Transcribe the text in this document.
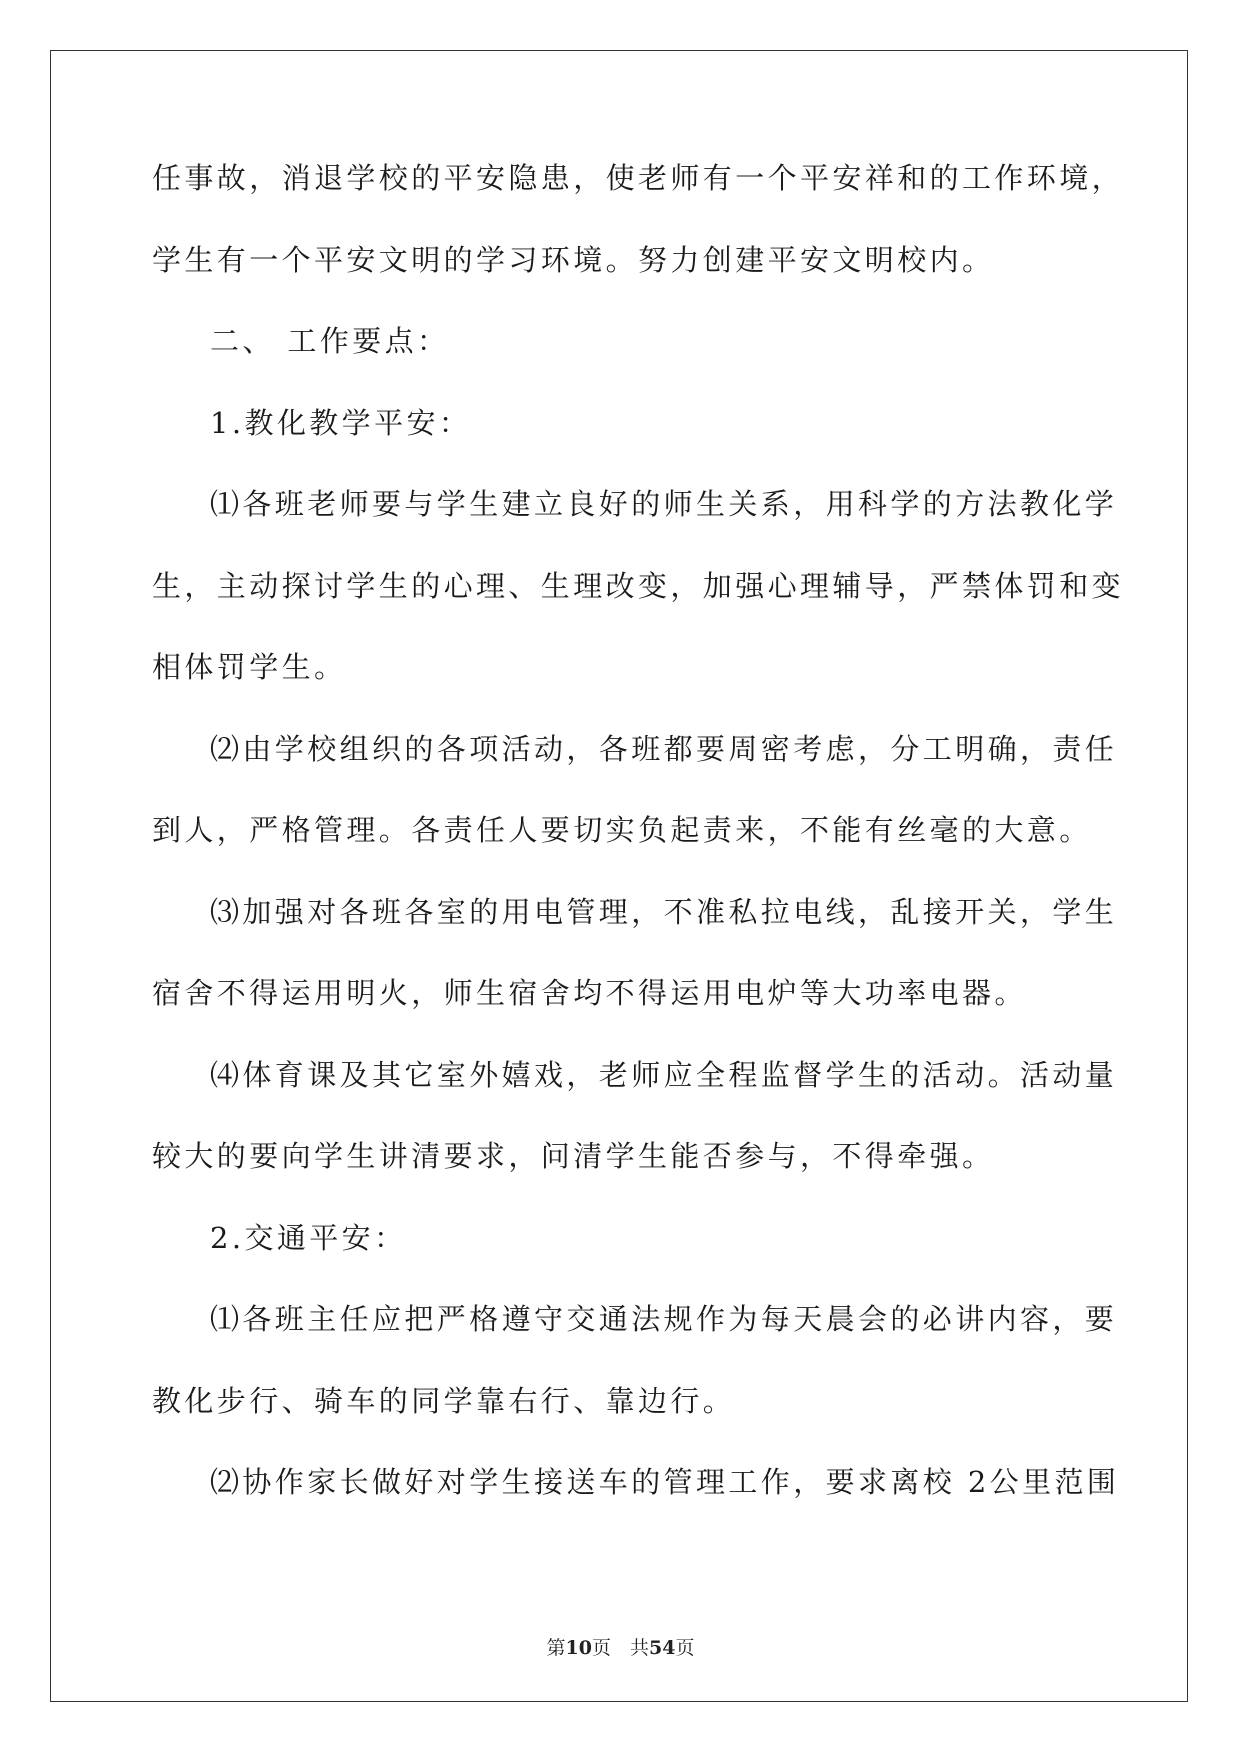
任事故，消退学校的平安隐患，使老师有一个平安祥和的工作环境，
学生有一个平安文明的学习环境。努力创建平安文明校内。
二、 工作要点：
1.教化教学平安：
⑴各班老师要与学生建立良好的师生关系，用科学的方法教化学
生，主动探讨学生的心理、生理改变，加强心理辅导，严禁体罚和变
相体罚学生。
⑵由学校组织的各项活动，各班都要周密考虑，分工明确，责任
到人，严格管理。各责任人要切实负起责来，不能有丝毫的大意。
⑶加强对各班各室的用电管理，不准私拉电线，乱接开关，学生
宿舍不得运用明火，师生宿舍均不得运用电炉等大功率电器。
⑷体育课及其它室外嬉戏，老师应全程监督学生的活动。活动量
较大的要向学生讲清要求，问清学生能否参与，不得牵强。
2.交通平安：
⑴各班主任应把严格遵守交通法规作为每天晨会的必讲内容，要
教化步行、骑车的同学靠右行、靠边行。
⑵协作家长做好对学生接送车的管理工作，要求离校 2公里范围
第10页　共54页
